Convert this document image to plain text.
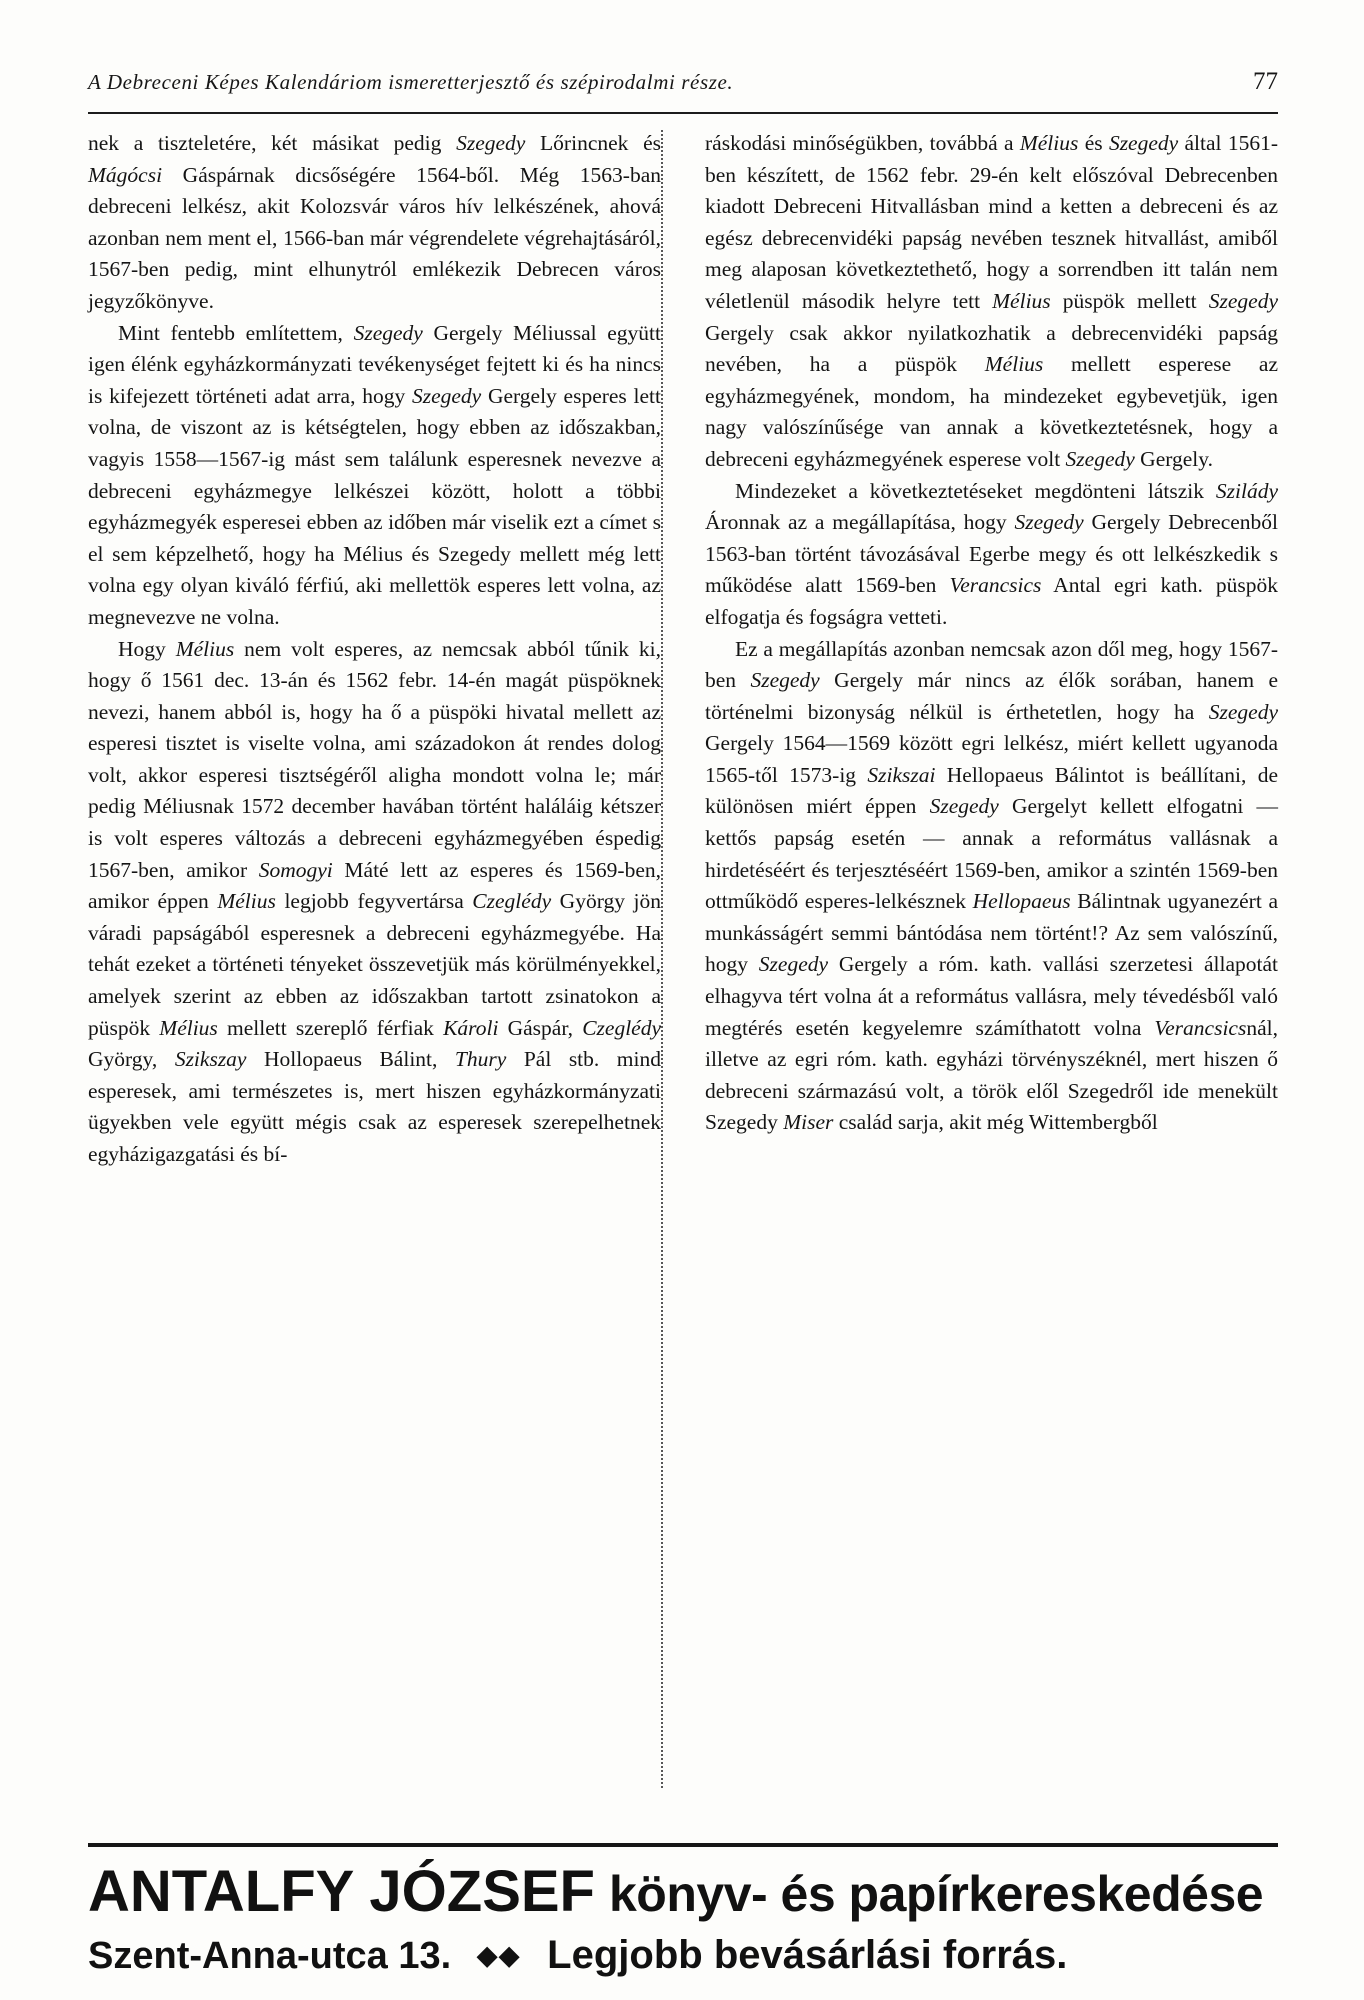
A Debreceni Képes Kalendáriom ismeretterjesztő és szépirodalmi része.	77

nek a tiszteletére, két másikat pedig Szegedy Lőrincnek és Mágócsi Gáspárnak dicsőségére 1564-ből. Még 1563-ban debreceni lelkész, akit Kolozsvár város hív lelkészének, ahová azonban nem ment el, 1566-ban már végrendelete végrehajtásáról, 1567-ben pedig, mint elhunytról emlékezik Debrecen város jegyzőkönyve.

Mint fentebb említettem, Szegedy Gergely Méliussal együtt igen élénk egyházkormányzati tevékenységet fejtett ki és ha nincs is kifejezett történeti adat arra, hogy Szegedy Gergely esperes lett volna, de viszont az is kétségtelen, hogy ebben az időszakban, vagyis 1558—1567-ig mást sem találunk esperesnek nevezve a debreceni egyházmegye lelkészei között, holott a többi egyházmegyék esperesei ebben az időben már viselik ezt a címet s el sem képzelhető, hogy ha Mélius és Szegedy mellett még lett volna egy olyan kiváló férfiú, aki mellettök esperes lett volna, az megnevezve ne volna.

Hogy Mélius nem volt esperes, az nemcsak abból tűnik ki, hogy ő 1561 dec. 13-án és 1562 febr. 14-én magát püspöknek nevezi, hanem abból is, hogy ha ő a püspöki hivatal mellett az esperesi tisztet is viselte volna, ami századokon át rendes dolog volt, akkor esperesi tisztségéről aligha mondott volna le; már pedig Méliusnak 1572 december havában történt haláláig kétszer is volt esperes változás a debreceni egyházmegyében éspedig 1567-ben, amikor Somogyi Máté lett az esperes és 1569-ben, amikor éppen Mélius legjobb fegyvertársa Czeglédy György jön váradi papságából esperesnek a debreceni egyházmegyébe. Ha tehát ezeket a történeti tényeket összevetjük más körülményekkel, amelyek szerint az ebben az időszakban tartott zsinatokon a püspök Mélius mellett szereplő férfiak Károli Gáspár, Czeglédy György, Szikszay Hollopaeus Bálint, Thury Pál stb. mind esperesek, ami természetes is, mert hiszen egyházkormányzati ügyekben vele együtt mégis csak az esperesek szerepelhetnek egyházigazgatási és bí-

ráskodási minőségükben, továbbá a Mélius és Szegedy által 1561-ben készített, de 1562 febr. 29-én kelt előszóval Debrecenben kiadott Debreceni Hitvallásban mind a ketten a debreceni és az egész debrecenvidéki papság nevében tesznek hitvallást, amiből meg alaposan következtethető, hogy a sorrendben itt talán nem véletlenül második helyre tett Mélius püspök mellett Szegedy Gergely csak akkor nyilatkozhatik a debrecenvidéki papság nevében, ha a püspök Mélius mellett esperese az egyházmegyének, mondom, ha mindezeket egybevetjük, igen nagy valószínűsége van annak a következtetésnek, hogy a debreceni egyházmegyének esperese volt Szegedy Gergely.

Mindezeket a következtetéseket megdönteni látszik Szilády Áronnak az a megállapítása, hogy Szegedy Gergely Debrecenből 1563-ban történt távozásával Egerbe megy és ott lelkészkedik s működése alatt 1569-ben Verancsics Antal egri kath. püspök elfogatja és fogságra vetteti.

Ez a megállapítás azonban nemcsak azon dől meg, hogy 1567-ben Szegedy Gergely már nincs az élők sorában, hanem e történelmi bizonyság nélkül is érthetetlen, hogy ha Szegedy Gergely 1564—1569 között egri lelkész, miért kellett ugyanoda 1565-től 1573-ig Szikszai Hellopaeus Bálintot is beállítani, de különösen miért éppen Szegedy Gergelyt kellett elfogatni — kettős papság esetén — annak a református vallásnak a hirdetéséért és terjesztéséért 1569-ben, amikor a szintén 1569-ben ottműködő esperes-lelkésznek Hellopaeus Bálintnak ugyanezért a munkásságért semmi bántódása nem történt!? Az sem valószínű, hogy Szegedy Gergely a róm. kath. vallási szerzetesi állapotát elhagyva tért volna át a református vallásra, mely tévedésből való megtérés esetén kegyelemre számíthatott volna Verancsicsnál, illetve az egri róm. kath. egyházi törvényszéknél, mert hiszen ő debreceni származású volt, a török elől Szegedről ide menekült Szegedy Miser család sarja, akit még Wittembergből

ANTALFY JÓZSEF könyv- és papírkereskedése
Szent-Anna-utca 13. ◆◆ Legjobb bevásárlási forrás.
